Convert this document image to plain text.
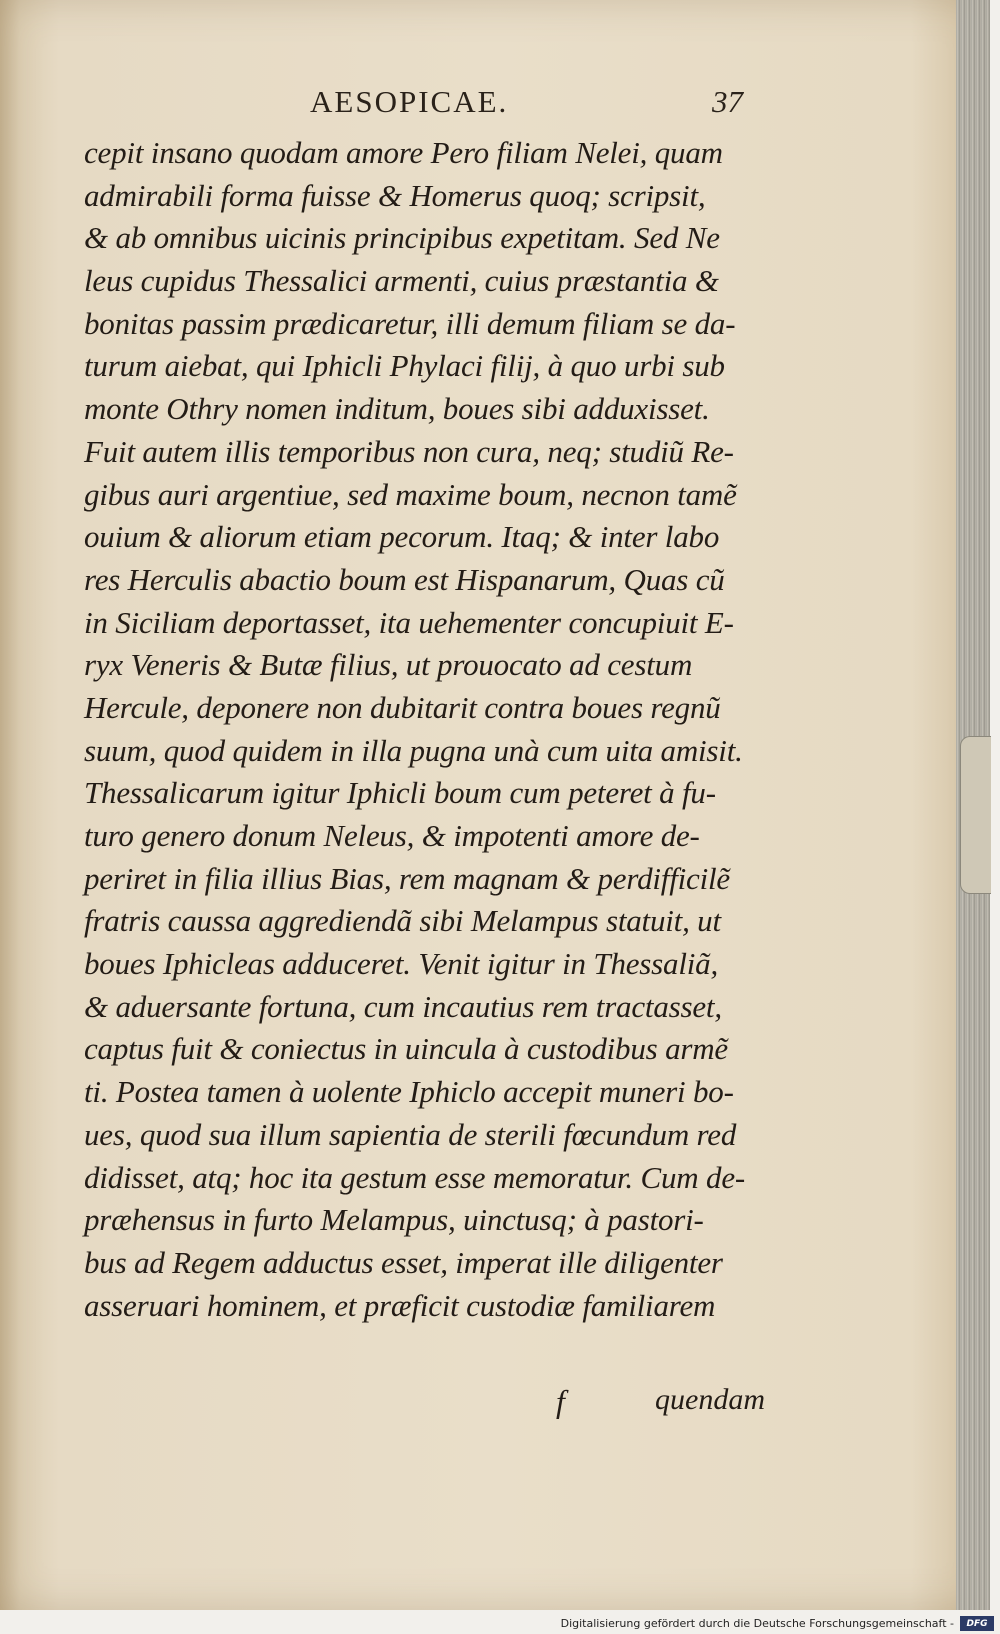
AESOPICAE.	37
cepit insano quodam amore Pero filiam Nelei, quam
admirabili forma fuisse & Homerus quoq; scripsit,
& ab omnibus uicinis principibus expetitam. Sed Ne
leus cupidus Thessalici armenti, cuius præstantia &
bonitas passim prædicaretur, illi demum filiam se da-
turum aiebat, qui Iphicli Phylaci filij, à quo urbi sub
monte Othry nomen inditum, boues sibi adduxisset.
Fuit autem illis temporibus non cura, neq; studiũ Re-
gibus auri argentiue, sed maxime boum, necnon tamẽ
ouium & aliorum etiam pecorum. Itaq; & inter labo
res Herculis abactio boum est Hispanarum, Quas cũ
in Siciliam deportasset, ita uehementer concupiuit E-
ryx Veneris & Butæ filius, ut prouocato ad cestum
Hercule, deponere non dubitarit contra boues regnũ
suum, quod quidem in illa pugna unà cum uita amisit.
Thessalicarum igitur Iphicli boum cum peteret à fu-
turo genero donum Neleus, & impotenti amore de-
periret in filia illius Bias, rem magnam & perdifficilẽ
fratris caussa aggrediendã sibi Melampus statuit, ut
boues Iphicleas adduceret. Venit igitur in Thessaliã,
& aduersante fortuna, cum incautius rem tractasset,
captus fuit & coniectus in uincula à custodibus armẽ
ti. Postea tamen à uolente Iphiclo accepit muneri bo-
ues, quod sua illum sapientia de sterili fœcundum red
didisset, atq; hoc ita gestum esse memoratur. Cum de-
præhensus in furto Melampus, uinctusq; à pastori-
bus ad Regem adductus esset, imperat ille diligenter
asseruari hominem, et præficit custodiæ familiarem
f	quendam
Digitalisierung gefördert durch die Deutsche Forschungsgemeinschaft -	DFG
